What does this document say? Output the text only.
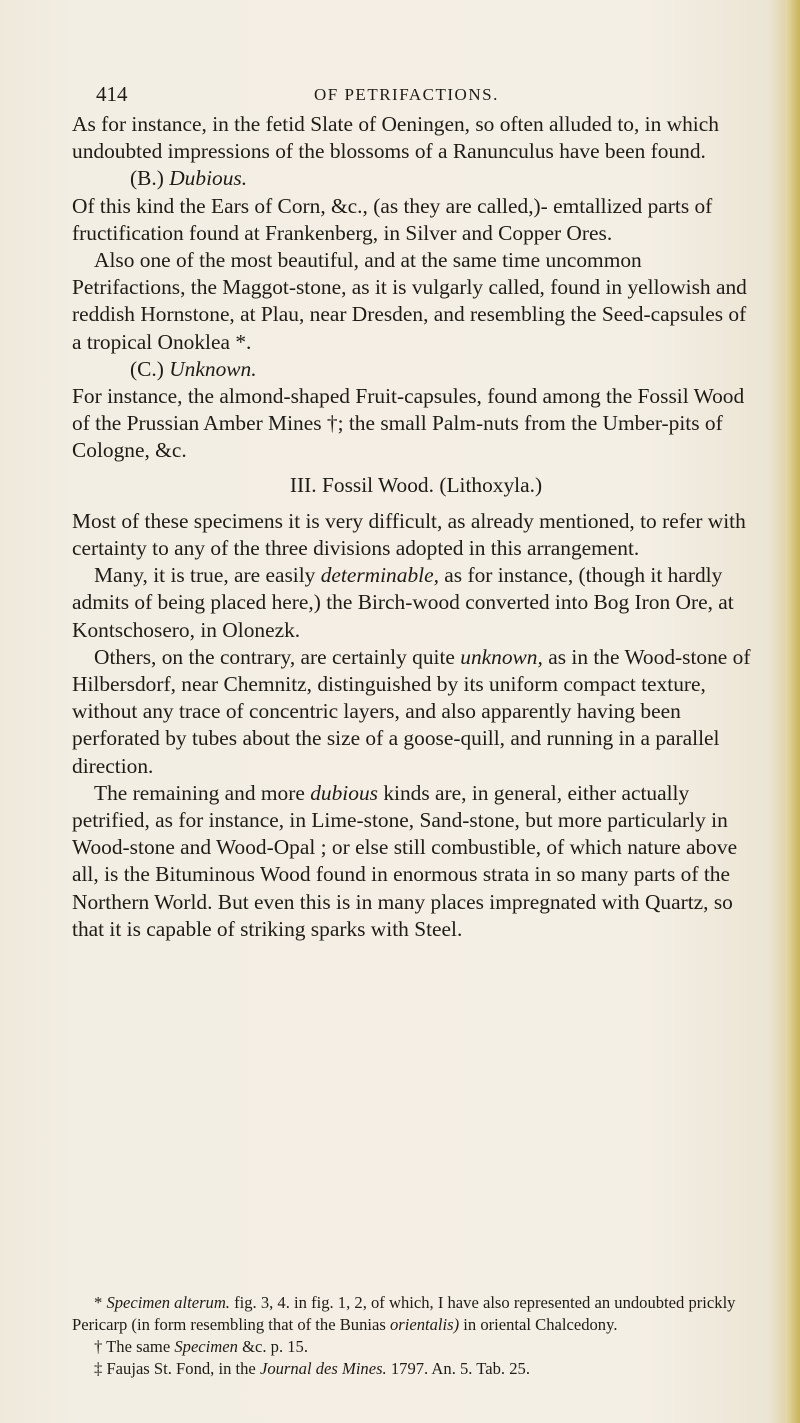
414	OF PETRIFACTIONS.

As for instance, in the fetid Slate of Oeningen, so often alluded to, in which undoubted impressions of the blossoms of a Ranunculus have been found.

(B.) Dubious.

Of this kind the Ears of Corn, &c., (as they are called,)- emtallized parts of fructification found at Frankenberg, in Silver and Copper Ores.

Also one of the most beautiful, and at the same time uncommon Petrifactions, the Maggot-stone, as it is vulgarly called, found in yellowish and reddish Hornstone, at Plau, near Dresden, and resembling the Seed-capsules of a tropical Onoklea *.

(C.) Unknown.

For instance, the almond-shaped Fruit-capsules, found among the Fossil Wood of the Prussian Amber Mines †; the small Palm-nuts from the Umber-pits of Cologne, &c.

III. Fossil Wood. (Lithoxyla.)

Most of these specimens it is very difficult, as already mentioned, to refer with certainty to any of the three divisions adopted in this arrangement.

Many, it is true, are easily determinable, as for instance, (though it hardly admits of being placed here,) the Birch-wood converted into Bog Iron Ore, at Kontschosero, in Olonezk.

Others, on the contrary, are certainly quite unknown, as in the Wood-stone of Hilbersdorf, near Chemnitz, distinguished by its uniform compact texture, without any trace of concentric layers, and also apparently having been perforated by tubes about the size of a goose-quill, and running in a parallel direction.

The remaining and more dubious kinds are, in general, either actually petrified, as for instance, in Lime-stone, Sand-stone, but more particularly in Wood-stone and Wood-Opal ; or else still combustible, of which nature above all, is the Bituminous Wood found in enormous strata in so many parts of the Northern World. But even this is in many places impregnated with Quartz, so that it is capable of striking sparks with Steel.

* Specimen alterum. fig. 3, 4. in fig. 1, 2, of which, I have also represented an undoubted prickly Pericarp (in form resembling that of the Bunias orientalis) in oriental Chalcedony.

† The same Specimen &c. p. 15.

‡ Faujas St. Fond, in the Journal des Mines. 1797. An. 5. Tab. 25.
